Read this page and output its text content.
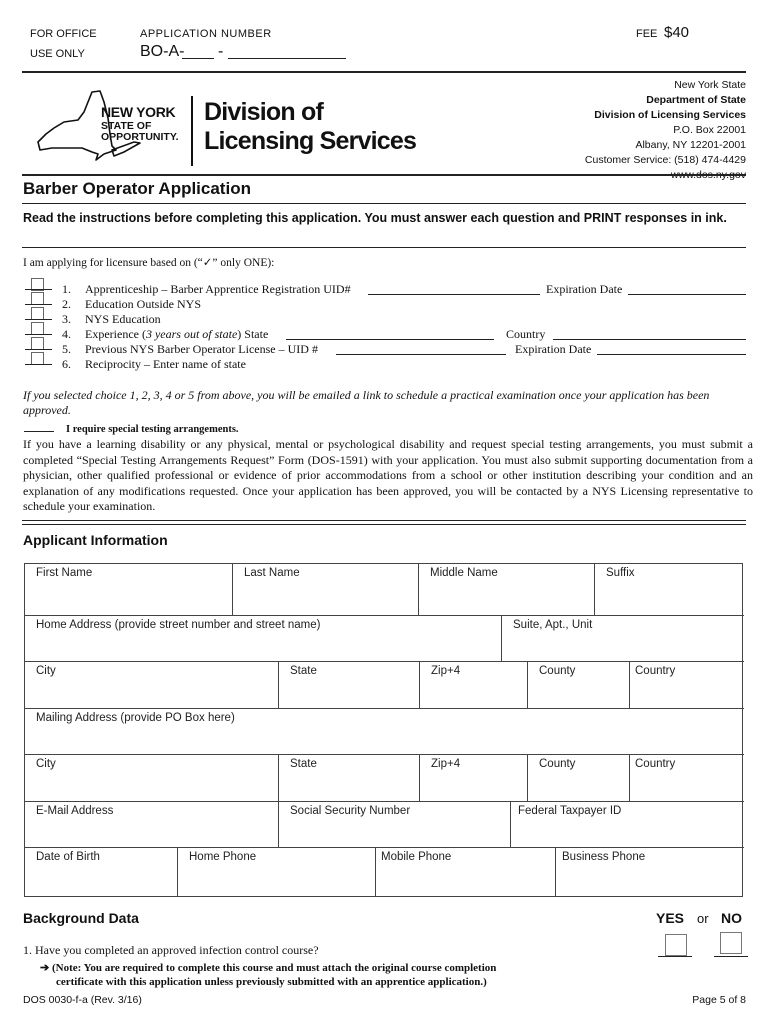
FOR OFFICE
USE ONLY
APPLICATION NUMBER
BO-A- -
FEE $40
NEW YORK
STATE OF
OPPORTUNITY.
Division of
Licensing Services
New York State
Department of State
Division of Licensing Services
P.O. Box 22001
Albany, NY 12201-2001
Customer Service: (518) 474-4429
Barber Operator Application
Read the instructions before completing this application. You must answer each question and PRINT responses in ink.
I am applying for licensure based on (“✓” only ONE):
1. Apprenticeship – Barber Apprentice Registration UID#	Expiration Date
2. Education Outside NYS
3. NYS Education
4. Experience (3 years out of state) State	Country
5. Previous NYS Barber Operator License – UID #	Expiration Date
6. Reciprocity – Enter name of state
If you selected choice 1, 2, 3, 4 or 5 from above, you will be emailed a link to schedule a practical examination once your application has been approved.
I require special testing arrangements.
If you have a learning disability or any physical, mental or psychological disability and request special testing arrangements, you must submit a completed “Special Testing Arrangements Request” Form (DOS-1591) with your application. You must also submit supporting documentation from a physician, other qualified professional or evidence of prior accommodations from a school or other institution describing your condition and an explanation of any modifications requested. Once your application has been approved, you will be contacted by a NYS Licensing representative to schedule your examination.
Applicant Information
First Name	Last Name	Middle Name	Suffix
Home Address (provide street number and street name)	Suite, Apt., Unit
City	State	Zip+4	County	Country
Mailing Address (provide PO Box here)
City	State	Zip+4	County	Country
E-Mail Address	Social Security Number	Federal Taxpayer ID
Date of Birth	Home Phone	Mobile Phone	Business Phone
Background Data	YES or NO
1. Have you completed an approved infection control course?
➔ (Note: You are required to complete this course and must attach the original course completion
certificate with this application unless previously submitted with an apprentice application.)
DOS 0030-f-a (Rev. 3/16)	Page 5 of 8
